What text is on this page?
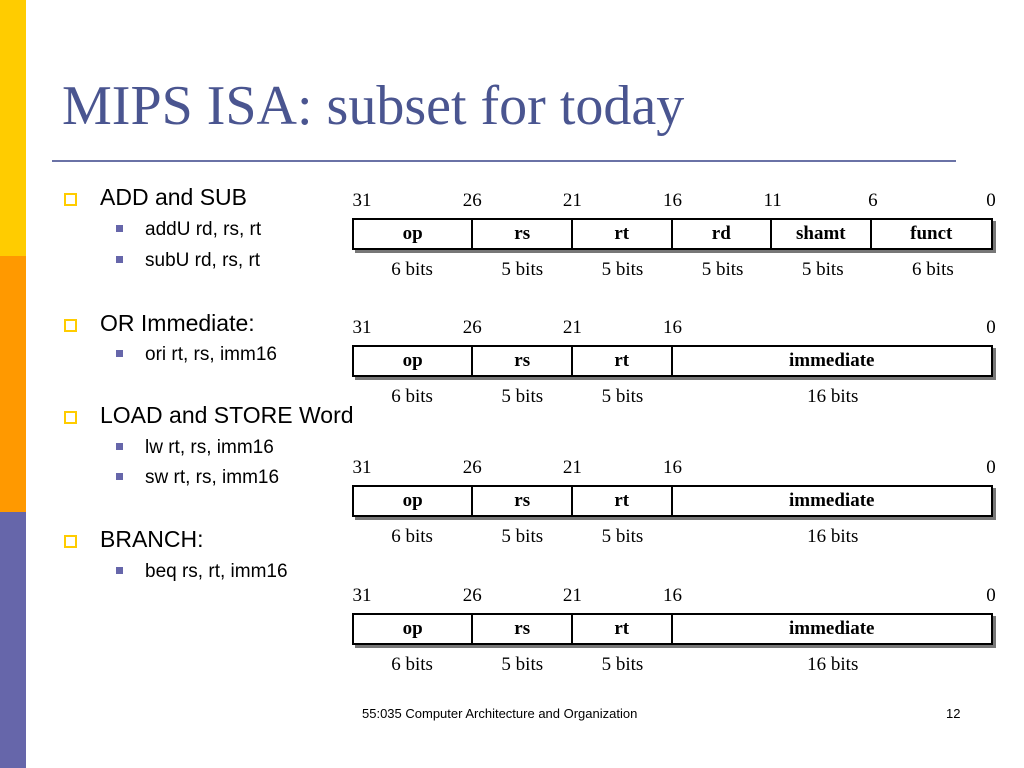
MIPS ISA: subset for today
ADD and SUB
addU rd, rs, rt
subU rd, rs, rt
OR Immediate:
ori rt, rs, imm16
LOAD and STORE Word
lw rt, rs, imm16
sw rt, rs, imm16
BRANCH:
beq rs, rt, imm16
31	26	21	16	11	6	0
op	rs	rt	rd	shamt	funct
6 bits	5 bits	5 bits	5 bits	5 bits	6 bits
31	26	21	16	0
op	rs	rt	immediate
6 bits	5 bits	5 bits	16 bits
31	26	21	16	0
op	rs	rt	immediate
6 bits	5 bits	5 bits	16 bits
31	26	21	16	0
op	rs	rt	immediate
6 bits	5 bits	5 bits	16 bits
55:035 Computer Architecture and Organization	12
